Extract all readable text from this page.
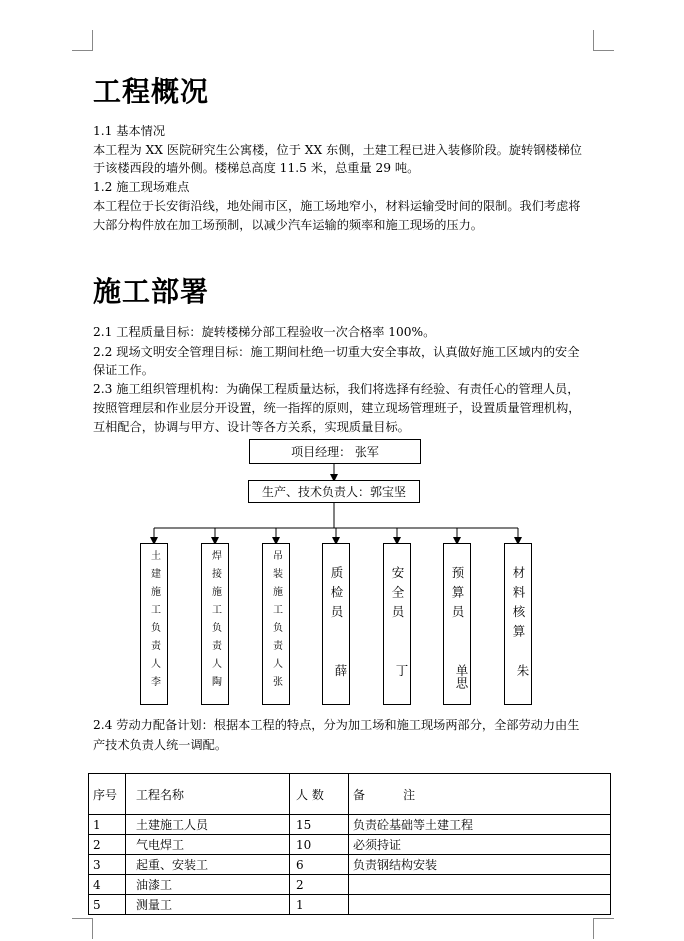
工程概况

1.1 基本情况

本工程为 XX 医院研究生公寓楼，位于 XX 东侧，土建工程已进入装修阶段。旋转钢楼梯位

于该楼西段的墙外侧。楼梯总高度 11.5 米，总重量 29 吨。

1.2 施工现场难点

本工程位于长安街沿线，地处闹市区，施工场地窄小，材料运输受时间的限制。我们考虑将

大部分构件放在加工场预制，以减少汽车运输的频率和施工现场的压力。

施工部署

2.1 工程质量目标：旋转楼梯分部工程验收一次合格率 100%。

2.2 现场文明安全管理目标：施工期间杜绝一切重大安全事故，认真做好施工区域内的安全

保证工作。

2.3 施工组织管理机构：为确保工程质量达标，我们将选择有经验、有责任心的管理人员，

按照管理层和作业层分开设置，统一指挥的原则，建立现场管理班子，设置质量管理机构，

互相配合，协调与甲方、设计等各方关系，实现质量目标。

项目经理： 张军
生产、技术负责人：郭宝坚
土建施工负责人
李
焊接施工负责人
陶
吊装施工负责人
张
质检员
薛
安全员
丁
预算员
单思
材料核算
朱

2.4 劳动力配备计划：根据本工程的特点，分为加工场和施工现场两部分，全部劳动力由生

产技术负责人统一调配。

序号	工程名称	人 数	备          注
1	土建施工人员	15	负责砼基础等土建工程
2	气电焊工	10	必须持证
3	起重、安装工	6	负责钢结构安装
4	油漆工	2	
5	测量工	1	
